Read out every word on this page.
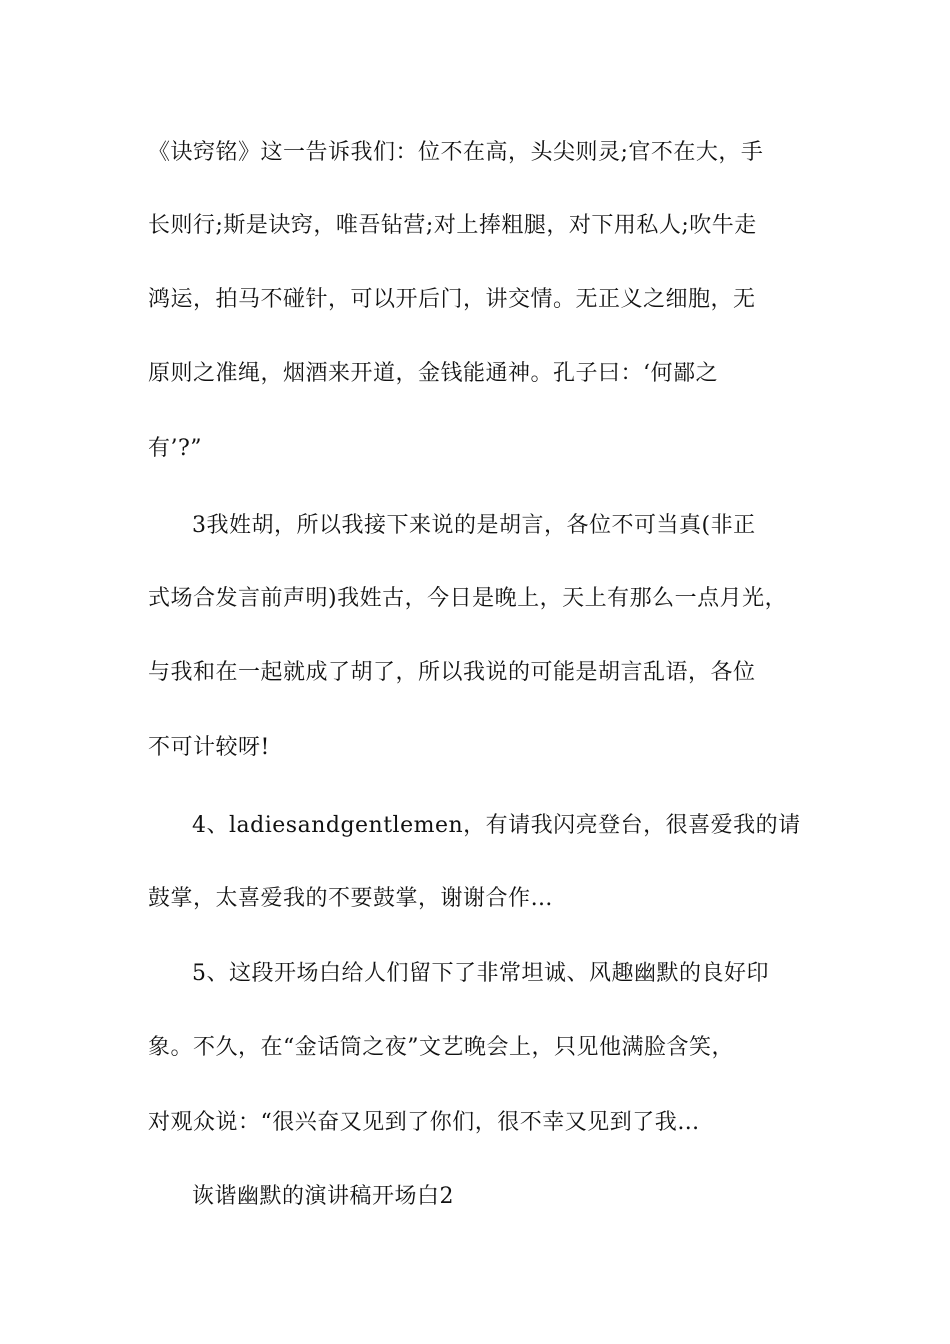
《诀窍铭》这一告诉我们：位不在高，头尖则灵;官不在大，手
长则行;斯是诀窍，唯吾钻营;对上捧粗腿，对下用私人;吹牛走
鸿运，拍马不碰针，可以开后门，讲交情。无正义之细胞，无
原则之准绳，烟酒来开道，金钱能通神。孔子曰：‘何鄙之
有’?”
3我姓胡，所以我接下来说的是胡言，各位不可当真(非正
式场合发言前声明)我姓古，今日是晚上，天上有那么一点月光，
与我和在一起就成了胡了，所以我说的可能是胡言乱语，各位
不可计较呀!
4、ladiesandgentlemen，有请我闪亮登台，很喜爱我的请
鼓掌，太喜爱我的不要鼓掌，谢谢合作…
5、这段开场白给人们留下了非常坦诚、风趣幽默的良好印
象。不久，在“金话筒之夜”文艺晚会上，只见他满脸含笑，
对观众说：“很兴奋又见到了你们，很不幸又见到了我…
诙谐幽默的演讲稿开场白2
